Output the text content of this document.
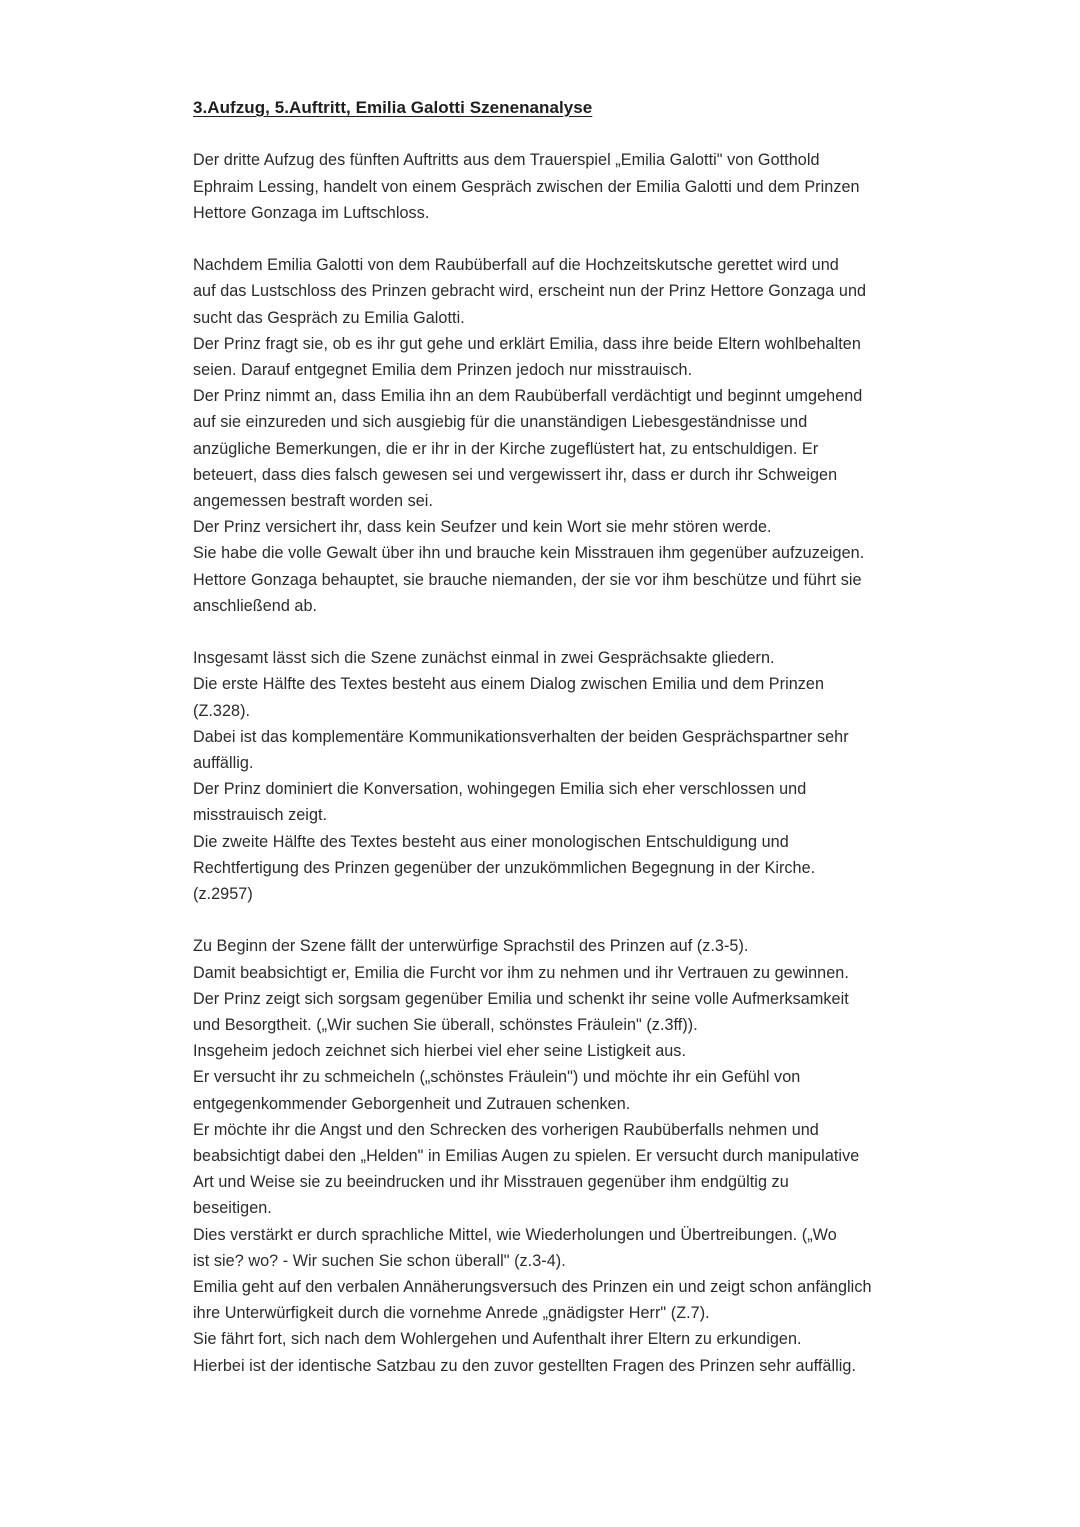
3.Aufzug, 5.Auftritt, Emilia Galotti Szenenanalyse

Der dritte Aufzug des fünften Auftritts aus dem Trauerspiel „Emilia Galotti" von Gotthold
Ephraim Lessing, handelt von einem Gespräch zwischen der Emilia Galotti und dem Prinzen
Hettore Gonzaga im Luftschloss.

Nachdem Emilia Galotti von dem Raubüberfall auf die Hochzeitskutsche gerettet wird und
auf das Lustschloss des Prinzen gebracht wird, erscheint nun der Prinz Hettore Gonzaga und
sucht das Gespräch zu Emilia Galotti.
Der Prinz fragt sie, ob es ihr gut gehe und erklärt Emilia, dass ihre beide Eltern wohlbehalten
seien. Darauf entgegnet Emilia dem Prinzen jedoch nur misstrauisch.
Der Prinz nimmt an, dass Emilia ihn an dem Raubüberfall verdächtigt und beginnt umgehend
auf sie einzureden und sich ausgiebig für die unanständigen Liebesgeständnisse und
anzügliche Bemerkungen, die er ihr in der Kirche zugeflüstert hat, zu entschuldigen. Er
beteuert, dass dies falsch gewesen sei und vergewissert ihr, dass er durch ihr Schweigen
angemessen bestraft worden sei.
Der Prinz versichert ihr, dass kein Seufzer und kein Wort sie mehr stören werde.
Sie habe die volle Gewalt über ihn und brauche kein Misstrauen ihm gegenüber aufzuzeigen.
Hettore Gonzaga behauptet, sie brauche niemanden, der sie vor ihm beschütze und führt sie
anschließend ab.

Insgesamt lässt sich die Szene zunächst einmal in zwei Gesprächsakte gliedern.
Die erste Hälfte des Textes besteht aus einem Dialog zwischen Emilia und dem Prinzen
(Z.328).
Dabei ist das komplementäre Kommunikationsverhalten der beiden Gesprächspartner sehr
auffällig.
Der Prinz dominiert die Konversation, wohingegen Emilia sich eher verschlossen und
misstrauisch zeigt.
Die zweite Hälfte des Textes besteht aus einer monologischen Entschuldigung und
Rechtfertigung des Prinzen gegenüber der unzukömmlichen Begegnung in der Kirche.
(z.2957)

Zu Beginn der Szene fällt der unterwürfige Sprachstil des Prinzen auf (z.3-5).
Damit beabsichtigt er, Emilia die Furcht vor ihm zu nehmen und ihr Vertrauen zu gewinnen.
Der Prinz zeigt sich sorgsam gegenüber Emilia und schenkt ihr seine volle Aufmerksamkeit
und Besorgtheit. („Wir suchen Sie überall, schönstes Fräulein" (z.3ff)).
Insgeheim jedoch zeichnet sich hierbei viel eher seine Listigkeit aus.
Er versucht ihr zu schmeicheln („schönstes Fräulein") und möchte ihr ein Gefühl von
entgegenkommender Geborgenheit und Zutrauen schenken.
Er möchte ihr die Angst und den Schrecken des vorherigen Raubüberfalls nehmen und
beabsichtigt dabei den „Helden" in Emilias Augen zu spielen. Er versucht durch manipulative
Art und Weise sie zu beeindrucken und ihr Misstrauen gegenüber ihm endgültig zu
beseitigen.
Dies verstärkt er durch sprachliche Mittel, wie Wiederholungen und Übertreibungen. („Wo
ist sie? wo? - Wir suchen Sie schon überall" (z.3-4).
Emilia geht auf den verbalen Annäherungsversuch des Prinzen ein und zeigt schon anfänglich
ihre Unterwürfigkeit durch die vornehme Anrede „gnädigster Herr" (Z.7).
Sie fährt fort, sich nach dem Wohlergehen und Aufenthalt ihrer Eltern zu erkundigen.
Hierbei ist der identische Satzbau zu den zuvor gestellten Fragen des Prinzen sehr auffällig.
